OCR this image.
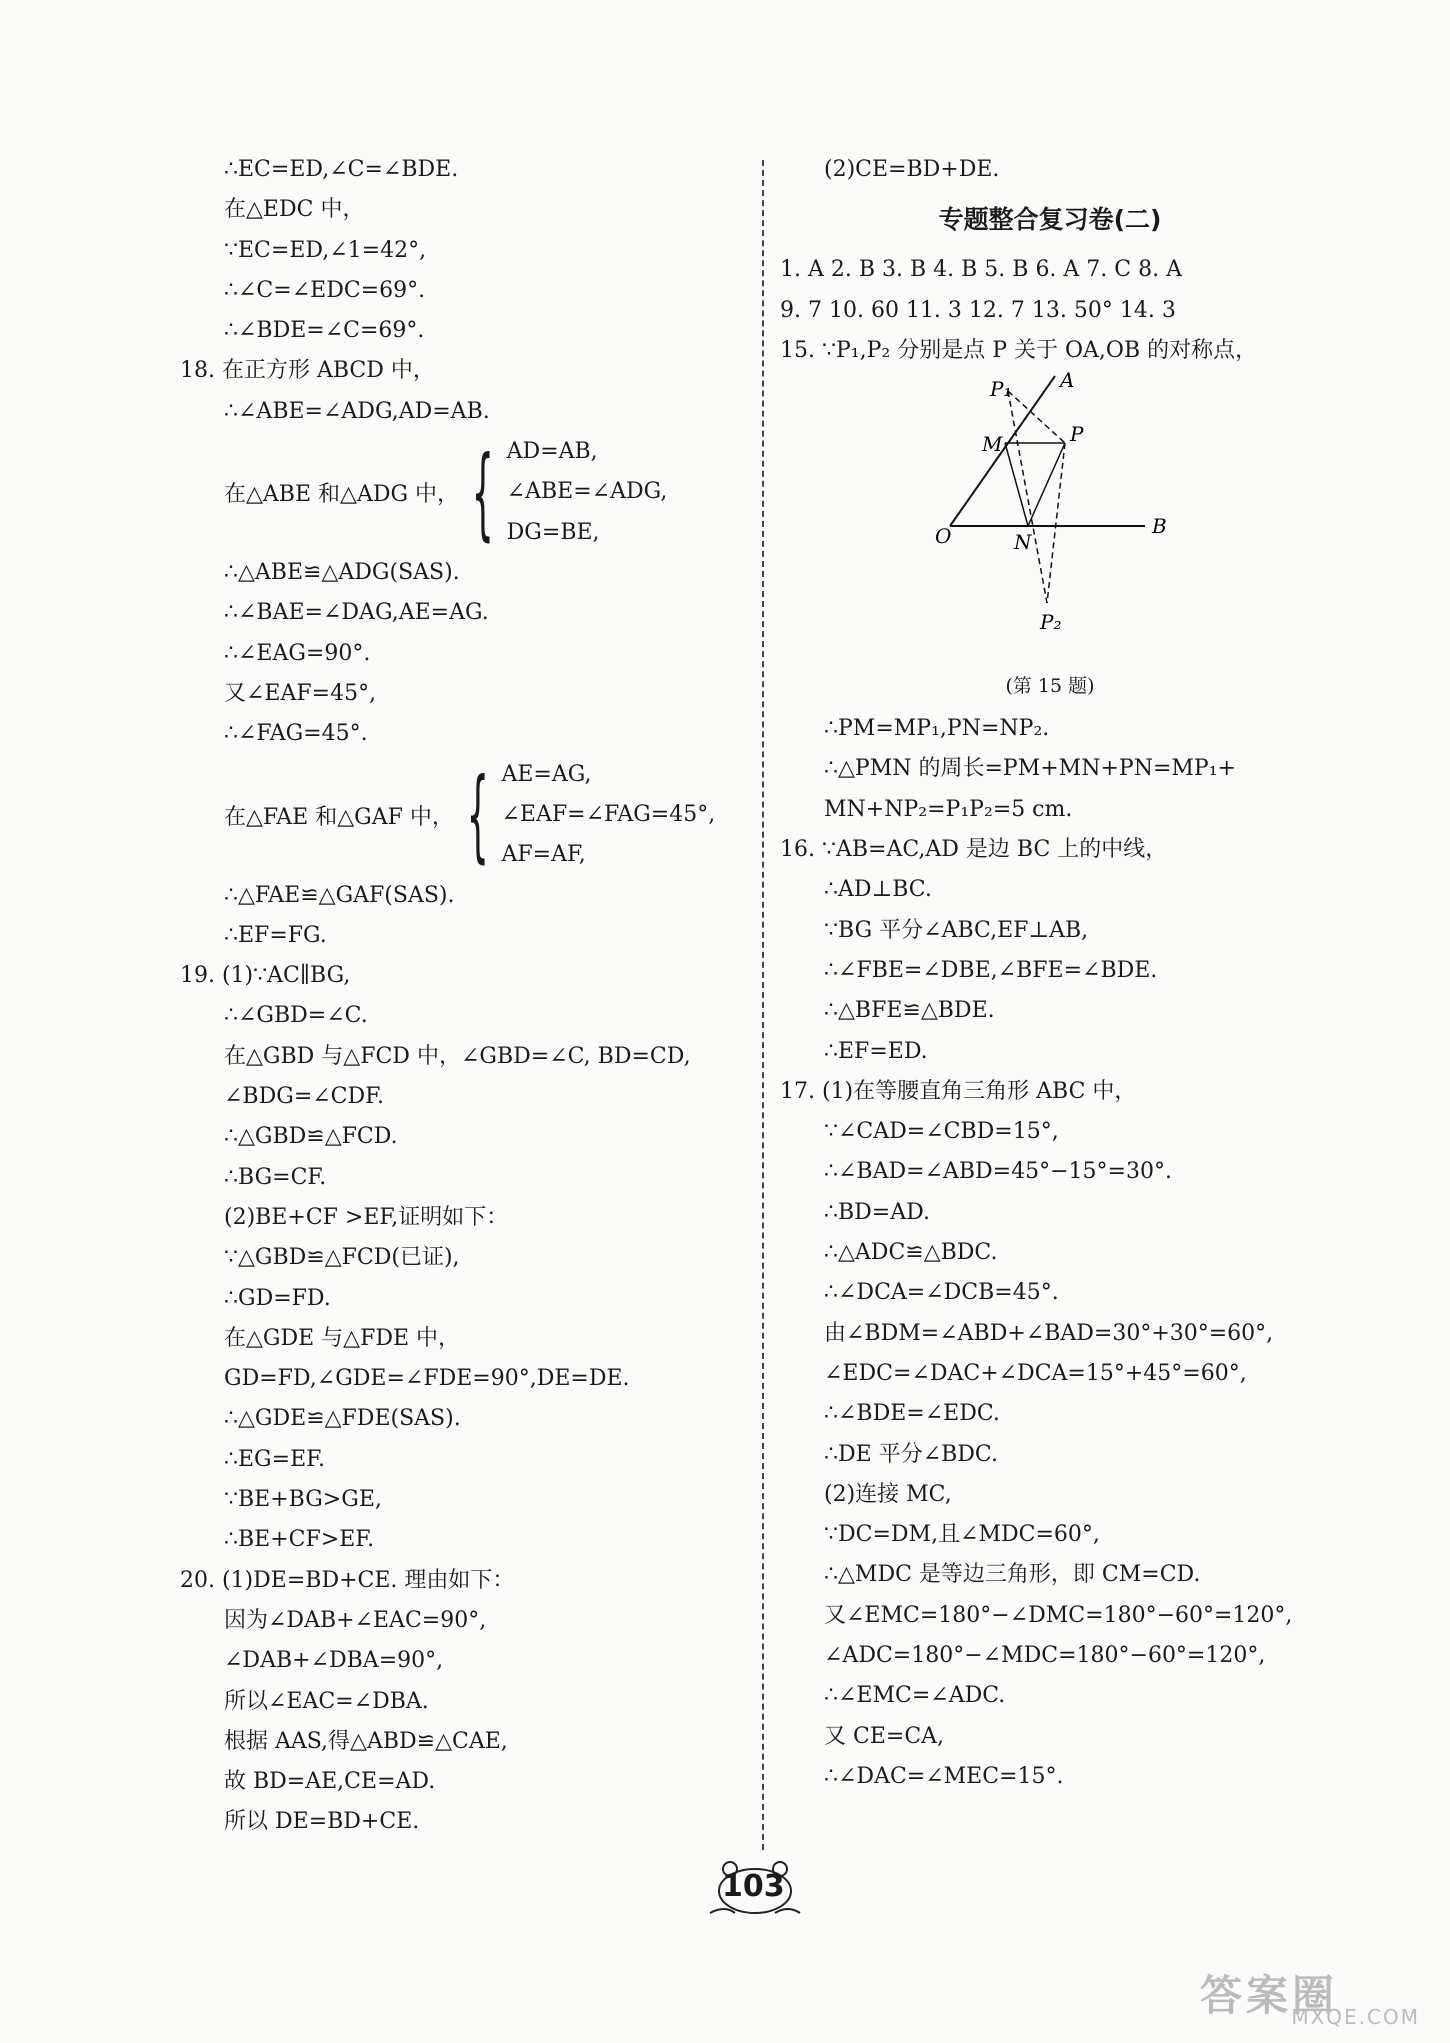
∴EC=ED,∠C=∠BDE.
在△EDC 中，
∵EC=ED,∠1=42°,
∴∠C=∠EDC=69°.
∴∠BDE=∠C=69°.
18. 在正方形 ABCD 中，
∴∠ABE=∠ADG,AD=AB.
在△ABE 和△ADG 中， { AD=AB,
∠ABE=∠ADG,
DG=BE,
∴△ABE≌△ADG(SAS).
∴∠BAE=∠DAG,AE=AG.
∴∠EAG=90°.
又∠EAF=45°,
∴∠FAG=45°.
在△FAE 和△GAF 中， { AE=AG,
∠EAF=∠FAG=45°,
AF=AF,
∴△FAE≌△GAF(SAS).
∴EF=FG.
19. (1)∵AC∥BG,
∴∠GBD=∠C.
在△GBD 与△FCD 中，∠GBD=∠C, BD=CD,
∠BDG=∠CDF.
∴△GBD≌△FCD.
∴BG=CF.
(2)BE+CF >EF,证明如下：
∵△GBD≌△FCD(已证),
∴GD=FD.
在△GDE 与△FDE 中，
GD=FD,∠GDE=∠FDE=90°,DE=DE.
∴△GDE≌△FDE(SAS).
∴EG=EF.
∵BE+BG>GE,
∴BE+CF>EF.
20. (1)DE=BD+CE. 理由如下：
因为∠DAB+∠EAC=90°,
∠DAB+∠DBA=90°,
所以∠EAC=∠DBA.
根据 AAS,得△ABD≌△CAE,
故 BD=AE,CE=AD.
所以 DE=BD+CE.
(2)CE=BD+DE.
专题整合复习卷(二)
1. A 2. B 3. B 4. B 5. B 6. A 7. C 8. A
9. 7 10. 60 11. 3 12. 7 13. 50° 14. 3
15. ∵P₁,P₂ 分别是点 P 关于 OA,OB 的对称点，
O
A
B
P
P₁
P₂
M
N
(第 15 题)
∴PM=MP₁,PN=NP₂.
∴△PMN 的周长=PM+MN+PN=MP₁+
MN+NP₂=P₁P₂=5 cm.
16. ∵AB=AC,AD 是边 BC 上的中线，
∴AD⊥BC.
∵BG 平分∠ABC,EF⊥AB,
∴∠FBE=∠DBE,∠BFE=∠BDE.
∴△BFE≌△BDE.
∴EF=ED.
17. (1)在等腰直角三角形 ABC 中，
∵∠CAD=∠CBD=15°,
∴∠BAD=∠ABD=45°−15°=30°.
∴BD=AD.
∴△ADC≌△BDC.
∴∠DCA=∠DCB=45°.
由∠BDM=∠ABD+∠BAD=30°+30°=60°,
∠EDC=∠DAC+∠DCA=15°+45°=60°,
∴∠BDE=∠EDC.
∴DE 平分∠BDC.
(2)连接 MC,
∵DC=DM,且∠MDC=60°,
∴△MDC 是等边三角形，即 CM=CD.
又∠EMC=180°−∠DMC=180°−60°=120°,
∠ADC=180°−∠MDC=180°−60°=120°,
∴∠EMC=∠ADC.
又 CE=CA,
∴∠DAC=∠MEC=15°.
103
答案圈
MXQE.COM
